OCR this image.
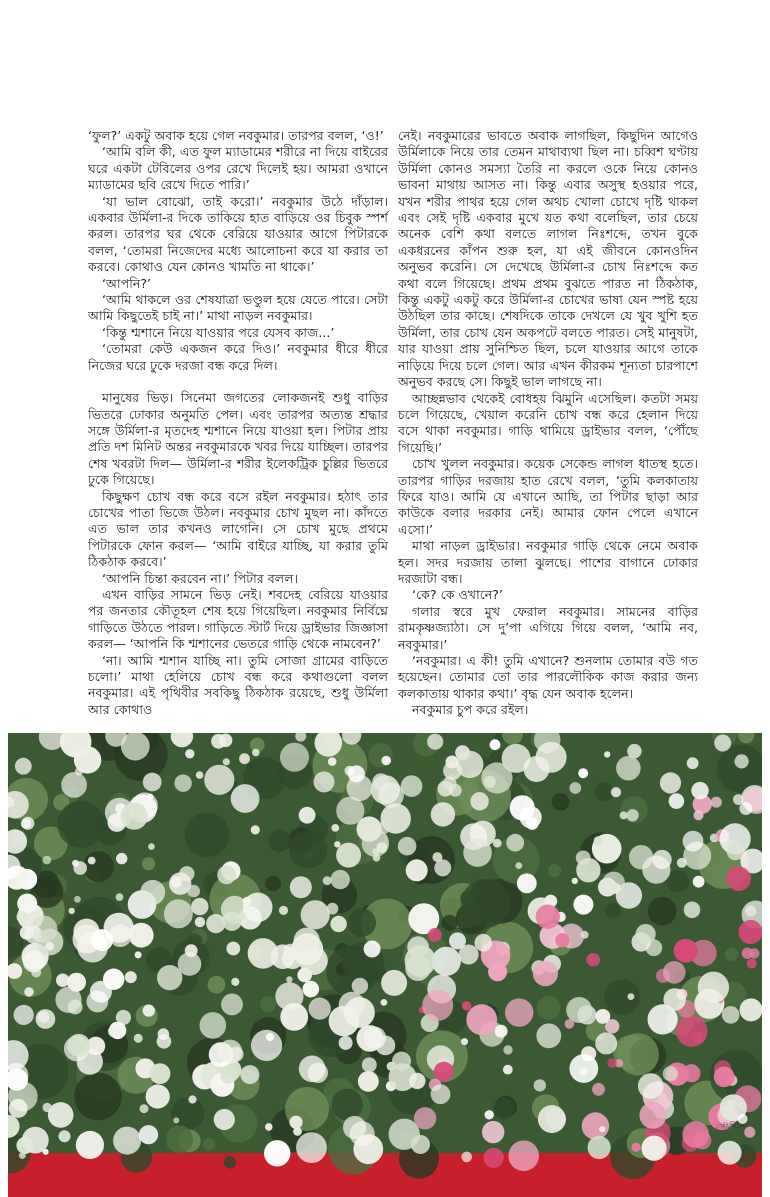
‘ফুল?’ একটু অবাক হয়ে গেল নবকুমার। তারপর বলল, ‘ও!’

‘আমি বলি কী, এত ফুল ম্যাডামের শরীরে না দিয়ে বাইরের ঘরে একটা টেবিলের ওপর রেখে দিলেই হয়। আমরা ওখানে ম্যাডামের ছবি রেখে দিতে পারি।’

‘যা ভাল বোঝো, তাই করো।’ নবকুমার উঠে দাঁড়াল। একবার উর্মিলা-র দিকে তাকিয়ে হাত বাড়িয়ে ওর চিবুক স্পর্শ করল। তারপর ঘর থেকে বেরিয়ে যাওয়ার আগে পিটারকে বলল, ‘তোমরা নিজেদের মধ্যে আলোচনা করে যা করার তা করবে। কোথাও যেন কোনও খামতি না থাকে।’

‘আপনি?’

‘আমি থাকলে ওর শেষযাত্রা ভণ্ডুল হয়ে যেতে পারে। সেটা আমি কিছুতেই চাই না।’ মাথা নাড়ল নবকুমার।

‘কিন্তু শ্মশানে নিয়ে যাওয়ার পরে যেসব কাজ...’

‘তোমরা কেউ একজন করে দিও।’ নবকুমার ধীরে ধীরে নিজের ঘরে ঢুকে দরজা বন্ধ করে দিল।

মানুষের ভিড়। সিনেমা জগতের লোকজনই শুধু বাড়ির ভিতরে ঢোকার অনুমতি পেল। এবং তারপর অত্যন্ত শ্রদ্ধার সঙ্গে উর্মিলা-র মৃতদেহ শ্মশানে নিয়ে যাওয়া হল। পিটার প্রায় প্রতি দশ মিনিট অন্তর নবকুমারকে খবর দিয়ে যাচ্ছিল। তারপর শেষ খবরটা দিল— উর্মিলা-র শরীর ইলেকট্রিক চুল্লির ভিতরে ঢুকে গিয়েছে।

কিছুক্ষণ চোখ বন্ধ করে বসে রইল নবকুমার। হঠাৎ তার চোখের পাতা ভিজে উঠল। নবকুমার চোখ মুছল না। কাঁদতে এত ভাল তার কখনও লাগেনি। সে চোখ মুছে প্রথমে পিটারকে ফোন করল— ‘আমি বাইরে যাচ্ছি, যা করার তুমি ঠিকঠাক করবে।’

‘আপনি চিন্তা করবেন না।’ পিটার বলল।

এখন বাড়ির সামনে ভিড় নেই। শবদেহ বেরিয়ে যাওয়ার পর জনতার কৌতূহল শেষ হয়ে গিয়েছিল। নবকুমার নির্বিঘ্নে গাড়িতে উঠতে পারল। গাড়িতে স্টার্ট দিয়ে ড্রাইভার জিজ্ঞাসা করল— ‘আপনি কি শ্মশানের ভেতরে গাড়ি থেকে নামবেন?’

‘না। আমি শ্মশান যাচ্ছি না। তুমি সোজা গ্রামের বাড়িতে চলো।’ মাথা হেলিয়ে চোখ বন্ধ করে কথাগুলো বলল নবকুমার। এই পৃথিবীর সবকিছু ঠিকঠাক রয়েছে, শুধু উর্মিলা আর কোথাও

নেই। নবকুমারের ভাবতে অবাক লাগছিল, কিছুদিন আগেও উর্মিলাকে নিয়ে তার তেমন মাথাব্যথা ছিল না। চব্বিশ ঘণ্টায় উর্মিলা কোনও সমস্যা তৈরি না করলে ওকে নিয়ে কোনও ভাবনা মাথায় আসত না। কিন্তু এবার অসুস্থ হওয়ার পরে, যখন শরীর পাথর হয়ে গেল অথচ খোলা চোখে দৃষ্টি থাকল এবং সেই দৃষ্টি একবার মুখে যত কথা বলেছিল, তার চেয়ে অনেক বেশি কথা বলতে লাগল নিঃশব্দে, তখন বুকে একধরনের কাঁপন শুরু হল, যা এই জীবনে কোনওদিন অনুভব করেনি। সে দেখেছে উর্মিলা-র চোখ নিঃশব্দে কত কথা বলে গিয়েছে। প্রথম প্রথম বুঝতে পারত না ঠিকঠাক, কিন্তু একটু একটু করে উর্মিলা-র চোখের ভাষা যেন স্পষ্ট হয়ে উঠছিল তার কাছে। শেষদিকে তাকে দেখলে যে খুব খুশি হত উর্মিলা, তার চোখ যেন অকপটে বলতে পারত। সেই মানুষটা, যার যাওয়া প্রায় সুনিশ্চিত ছিল, চলে যাওয়ার আগে তাকে নাড়িয়ে দিয়ে চলে গেল। আর এখন কীরকম শূন্যতা চারপাশে অনুভব করছে সে। কিছুই ভাল লাগছে না।

আচ্ছন্নভাব থেকেই বোধহয় ঝিমুনি এসেছিল। কতটা সময় চলে গিয়েছে, খেয়াল করেনি চোখ বন্ধ করে হেলান দিয়ে বসে থাকা নবকুমার। গাড়ি থামিয়ে ড্রাইভার বলল, ‘পৌঁছে গিয়েছি।’

চোখ খুলল নবকুমার। কয়েক সেকেন্ড লাগল ধাতস্থ হতে। তারপর গাড়ির দরজায় হাত রেখে বলল, ‘তুমি কলকাতায় ফিরে যাও। আমি যে এখানে আছি, তা পিটার ছাড়া আর কাউকে বলার দরকার নেই। আমার ফোন পেলে এখানে এসো।’

মাথা নাড়ল ড্রাইভার। নবকুমার গাড়ি থেকে নেমে অবাক হল। সদর দরজায় তালা ঝুলছে। পাশের বাগানে ঢোকার দরজাটা বন্ধ।

‘কে? কে ওখানে?’

গলার স্বরে মুখ ফেরাল নবকুমার। সামনের বাড়ির রামকৃষ্ণজ্যাঠা। সে দু’পা এগিয়ে গিয়ে বলল, ‘আমি নব, নবকুমার।’

‘নবকুমার। এ কী! তুমি এখানে? শুনলাম তোমার বউ গত হয়েছেন। তোমার তো তার পারলৌকিক কাজ করার জন্য কলকাতায় থাকার কথা।’ বৃদ্ধ যেন অবাক হলেন।

নবকুমার চুপ করে রইল।

সৌরীশ
